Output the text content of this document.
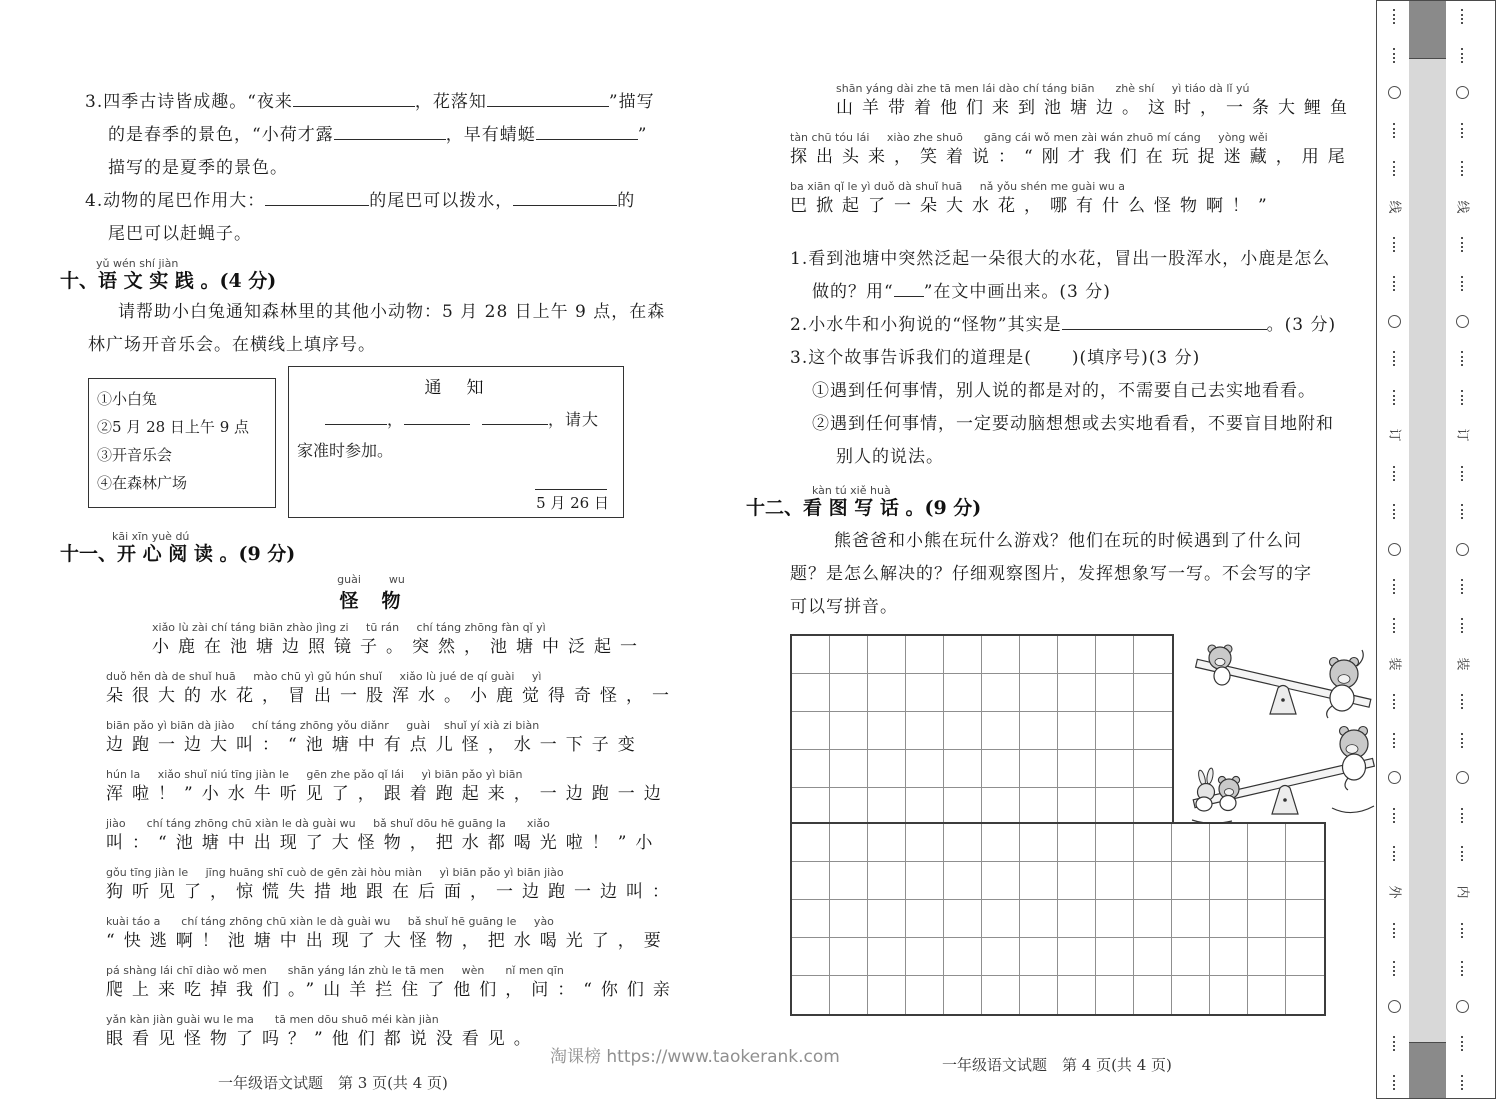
3.四季古诗皆成趣。“夜来	，花落知	”描写
的是春季的景色，“小荷才露	，早有蜻蜓	”
描写的是夏季的景色。
4.动物的尾巴作用大：	的尾巴可以拨水，	的
尾巴可以赶蝇子。
yǔ wén shí jiàn
十、语 文 实 践 。(4 分)
请帮助小白兔通知森林里的其他小动物：5 月 28 日上午 9 点，在森
林广场开音乐会。在横线上填序号。
①小白兔
②5 月 28 日上午 9 点
③开音乐会
④在森林广场
通　知
，	，请大
家准时参加。
5 月 26 日
kāi xīn yuè dú
十一、开 心 阅 读 。(9 分)
guài        wu
怪　物
xiǎo lù zài chí táng biān zhào jìng zi     tū rán     chí táng zhōng fàn qǐ yì
小鹿在池塘边照镜子。突然，池塘中泛起一
duǒ hěn dà de shuǐ huā     mào chū yì gǔ hún shuǐ     xiǎo lù jué de qí guài     yì
朵很大的水花，冒出一股浑水。小鹿觉得奇怪，一
biān pǎo yì biān dà jiào     chí táng zhōng yǒu diǎnr     guài    shuǐ yí xià zi biàn
边跑一边大叫：“池塘中有点儿怪，水一下子变
hún la     xiǎo shuǐ niú tīng jiàn le     gēn zhe pǎo qǐ lái     yì biān pǎo yì biān
浑啦！”小水牛听见了，跟着跑起来，一边跑一边
jiào      chí táng zhōng chū xiàn le dà guài wu     bǎ shuǐ dōu hē guāng la      xiǎo
叫：“池塘中出现了大怪物，把水都喝光啦！”小
gǒu tīng jiàn le     jīng huāng shī cuò de gēn zài hòu miàn     yì biān pǎo yì biān jiào
狗听见了，惊慌失措地跟在后面，一边跑一边叫：
kuài táo a      chí táng zhōng chū xiàn le dà guài wu     bǎ shuǐ hē guāng le     yào
“快逃啊！池塘中出现了大怪物，把水喝光了，要
pá shàng lái chī diào wǒ men      shān yáng lán zhù le tā men     wèn      nǐ men qīn
爬上来吃掉我们。”山羊拦住了他们，问：“你们亲
yǎn kàn jiàn guài wu le ma      tā men dōu shuō méi kàn jiàn
眼看见怪物了吗？”他们都说没看见。
一年级语文试题　第 3 页(共 4 页)
shān yáng dài zhe tā men lái dào chí táng biān      zhè shí     yì tiáo dà lǐ yú
山羊带着他们来到池塘边。这时，一条大鲤鱼
tàn chū tóu lái     xiào zhe shuō      gāng cái wǒ men zài wán zhuō mí cáng     yòng wěi
探出头来，笑着说：“刚才我们在玩捉迷藏，用尾
ba xiān qǐ le yì duǒ dà shuǐ huā     nǎ yǒu shén me guài wu a
巴掀起了一朵大水花，哪有什么怪物啊！”
1.看到池塘中突然泛起一朵很大的水花，冒出一股浑水，小鹿是怎么
做的？用“ ”在文中画出来。(3 分)
2.小水牛和小狗说的“怪物”其实是	。(3 分)
3.这个故事告诉我们的道理是( )(填序号)(3 分)
①遇到任何事情，别人说的都是对的，不需要自己去实地看看。
②遇到任何事情，一定要动脑想想或去实地看看，不要盲目地附和
别人的说法。
kàn tú xiě huà
十二、看 图 写 话 。(9 分)
熊爸爸和小熊在玩什么游戏？他们在玩的时候遇到了什么问
题？是怎么解决的？仔细观察图片，发挥想象写一写。不会写的字
可以写拼音。
一年级语文试题　第 4 页(共 4 页)
线
订
装
外
线
订
装
内
淘课榜 https://www.taokerank.com
